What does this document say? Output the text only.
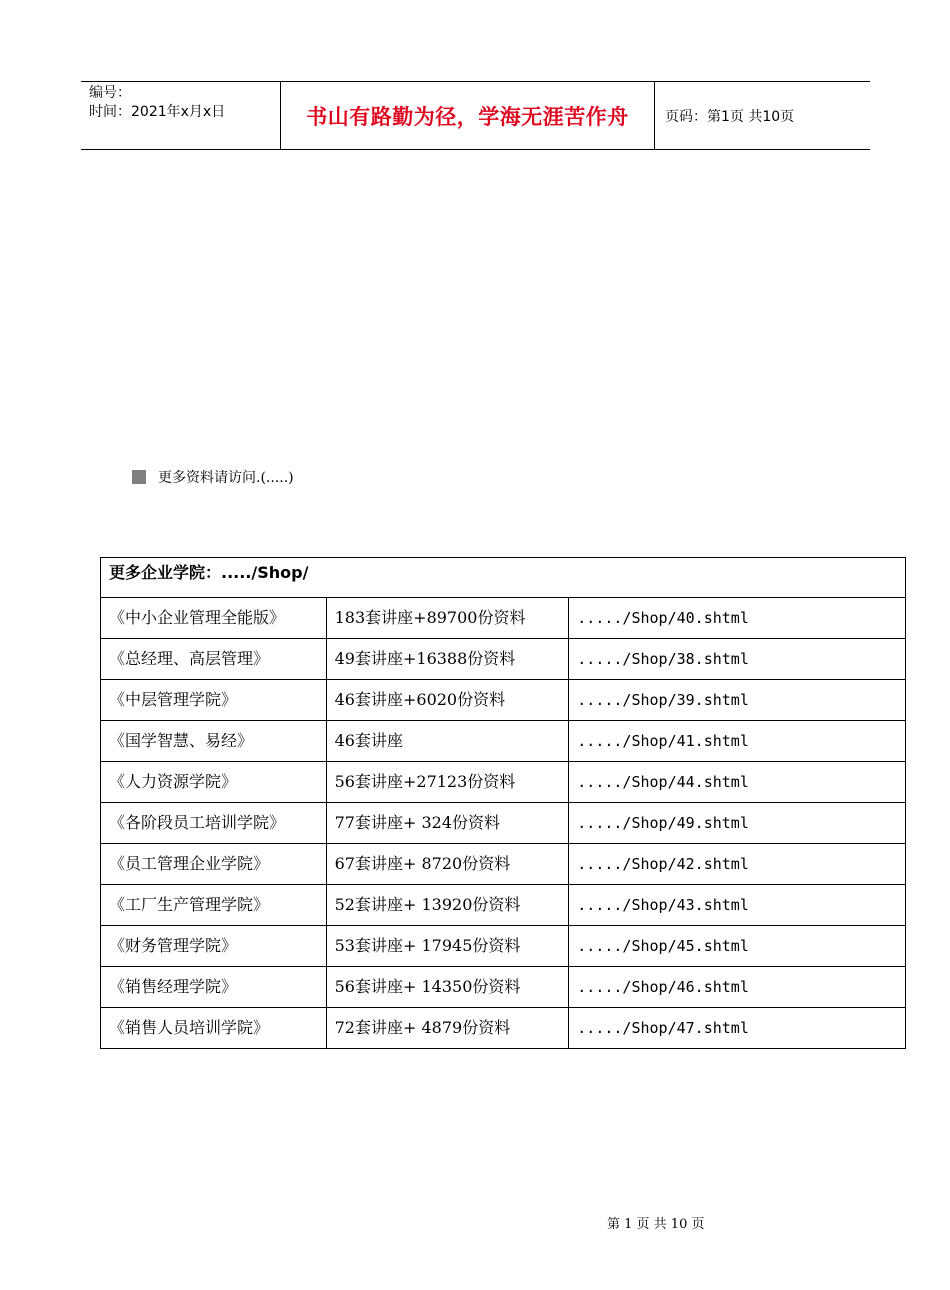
编号：
时间：2021年x月x日	书山有路勤为径，学海无涯苦作舟	页码：第1页 共10页
更多资料请访问.(.....)
更多企业学院：...../Shop/		
《中小企业管理全能版》	183套讲座+89700份资料	...../Shop/40.shtml
《总经理、高层管理》	49套讲座+16388份资料	...../Shop/38.shtml
《中层管理学院》	46套讲座+6020份资料	...../Shop/39.shtml
《国学智慧、易经》	46套讲座	...../Shop/41.shtml
《人力资源学院》	56套讲座+27123份资料	...../Shop/44.shtml
《各阶段员工培训学院》	77套讲座+ 324份资料	...../Shop/49.shtml
《员工管理企业学院》	67套讲座+ 8720份资料	...../Shop/42.shtml
《工厂生产管理学院》	52套讲座+ 13920份资料	...../Shop/43.shtml
《财务管理学院》	53套讲座+ 17945份资料	...../Shop/45.shtml
《销售经理学院》	56套讲座+ 14350份资料	...../Shop/46.shtml
《销售人员培训学院》	72套讲座+ 4879份资料	...../Shop/47.shtml
第 1 页 共 10 页
